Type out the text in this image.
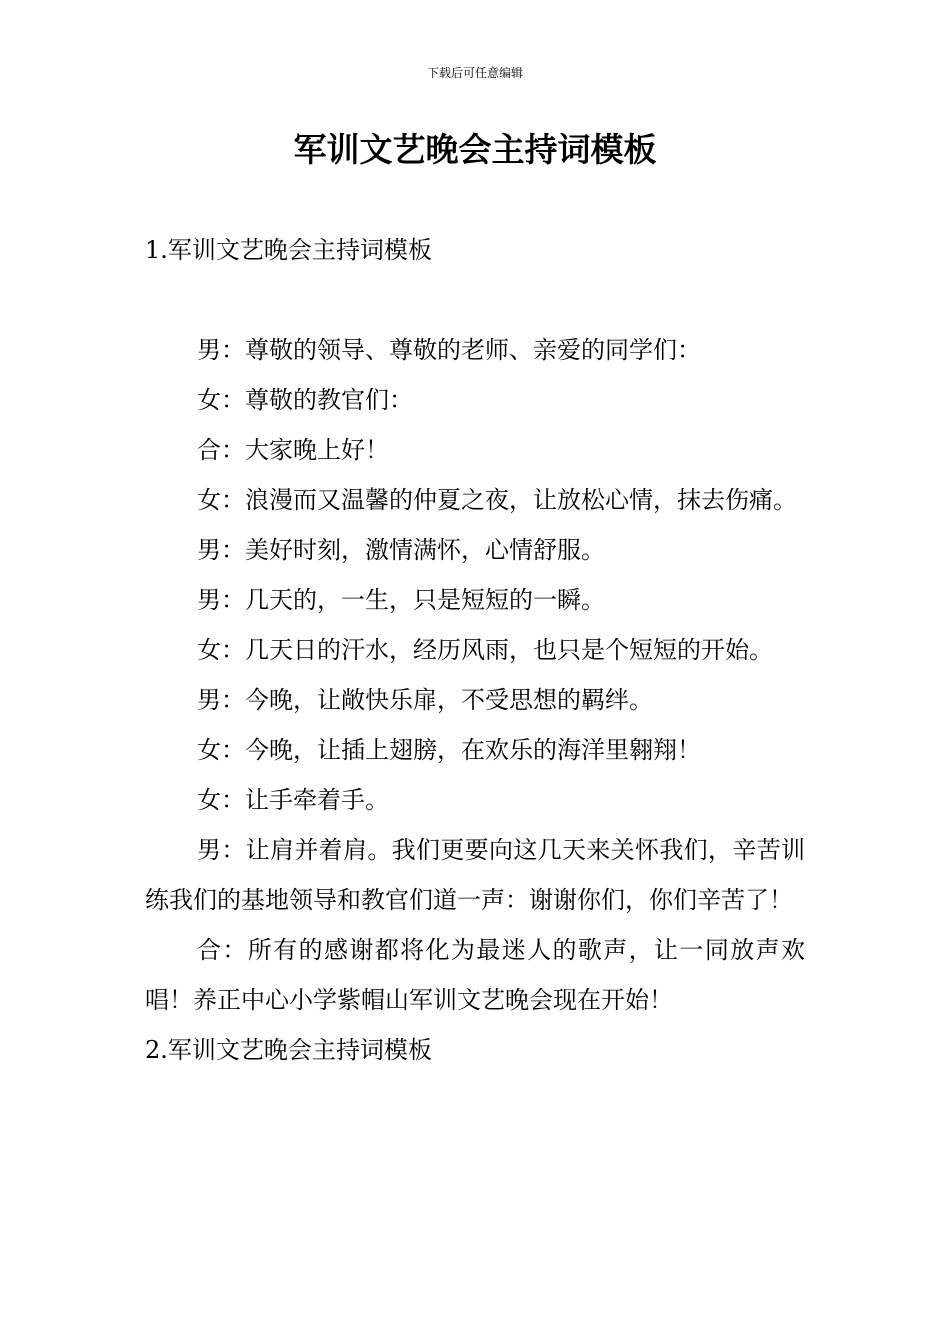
下载后可任意编辑
军训文艺晚会主持词模板

1.军训文艺晚会主持词模板

男：尊敬的领导、尊敬的老师、亲爱的同学们：

女：尊敬的教官们：

合：大家晚上好！

女：浪漫而又温馨的仲夏之夜，让放松心情，抹去伤痛。

男：美好时刻，激情满怀，心情舒服。

男：几天的，一生，只是短短的一瞬。

女：几天日的汗水，经历风雨，也只是个短短的开始。

男：今晚，让敞快乐扉，不受思想的羁绊。

女：今晚，让插上翅膀，在欢乐的海洋里翱翔！

女：让手牵着手。

男：让肩并着肩。我们更要向这几天来关怀我们，辛苦训练我们的基地领导和教官们道一声：谢谢你们，你们辛苦了！

合：所有的感谢都将化为最迷人的歌声，让一同放声欢唱！养正中心小学紫帽山军训文艺晚会现在开始！

2.军训文艺晚会主持词模板
